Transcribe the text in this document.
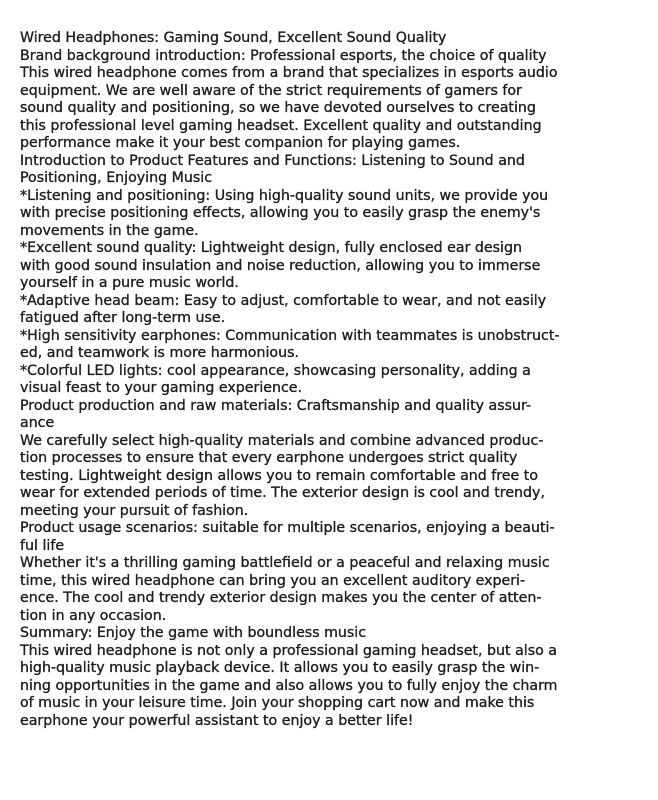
Wired Headphones: Gaming Sound, Excellent Sound Quality
Brand background introduction: Professional esports, the choice of quality
This wired headphone comes from a brand that specializes in esports audio
equipment. We are well aware of the strict requirements of gamers for
sound quality and positioning, so we have devoted ourselves to creating
this professional level gaming headset. Excellent quality and outstanding
performance make it your best companion for playing games.
Introduction to Product Features and Functions: Listening to Sound and
Positioning, Enjoying Music
*Listening and positioning: Using high-quality sound units, we provide you
with precise positioning effects, allowing you to easily grasp the enemy's
movements in the game.
*Excellent sound quality: Lightweight design, fully enclosed ear design
with good sound insulation and noise reduction, allowing you to immerse
yourself in a pure music world.
*Adaptive head beam: Easy to adjust, comfortable to wear, and not easily
fatigued after long-term use.
*High sensitivity earphones: Communication with teammates is unobstruct-
ed, and teamwork is more harmonious.
*Colorful LED lights: cool appearance, showcasing personality, adding a
visual feast to your gaming experience.
Product production and raw materials: Craftsmanship and quality assur-
ance
We carefully select high-quality materials and combine advanced produc-
tion processes to ensure that every earphone undergoes strict quality
testing. Lightweight design allows you to remain comfortable and free to
wear for extended periods of time. The exterior design is cool and trendy,
meeting your pursuit of fashion.
Product usage scenarios: suitable for multiple scenarios, enjoying a beauti-
ful life
Whether it's a thrilling gaming battlefield or a peaceful and relaxing music
time, this wired headphone can bring you an excellent auditory experi-
ence. The cool and trendy exterior design makes you the center of atten-
tion in any occasion.
Summary: Enjoy the game with boundless music
This wired headphone is not only a professional gaming headset, but also a
high-quality music playback device. It allows you to easily grasp the win-
ning opportunities in the game and also allows you to fully enjoy the charm
of music in your leisure time. Join your shopping cart now and make this
earphone your powerful assistant to enjoy a better life!
